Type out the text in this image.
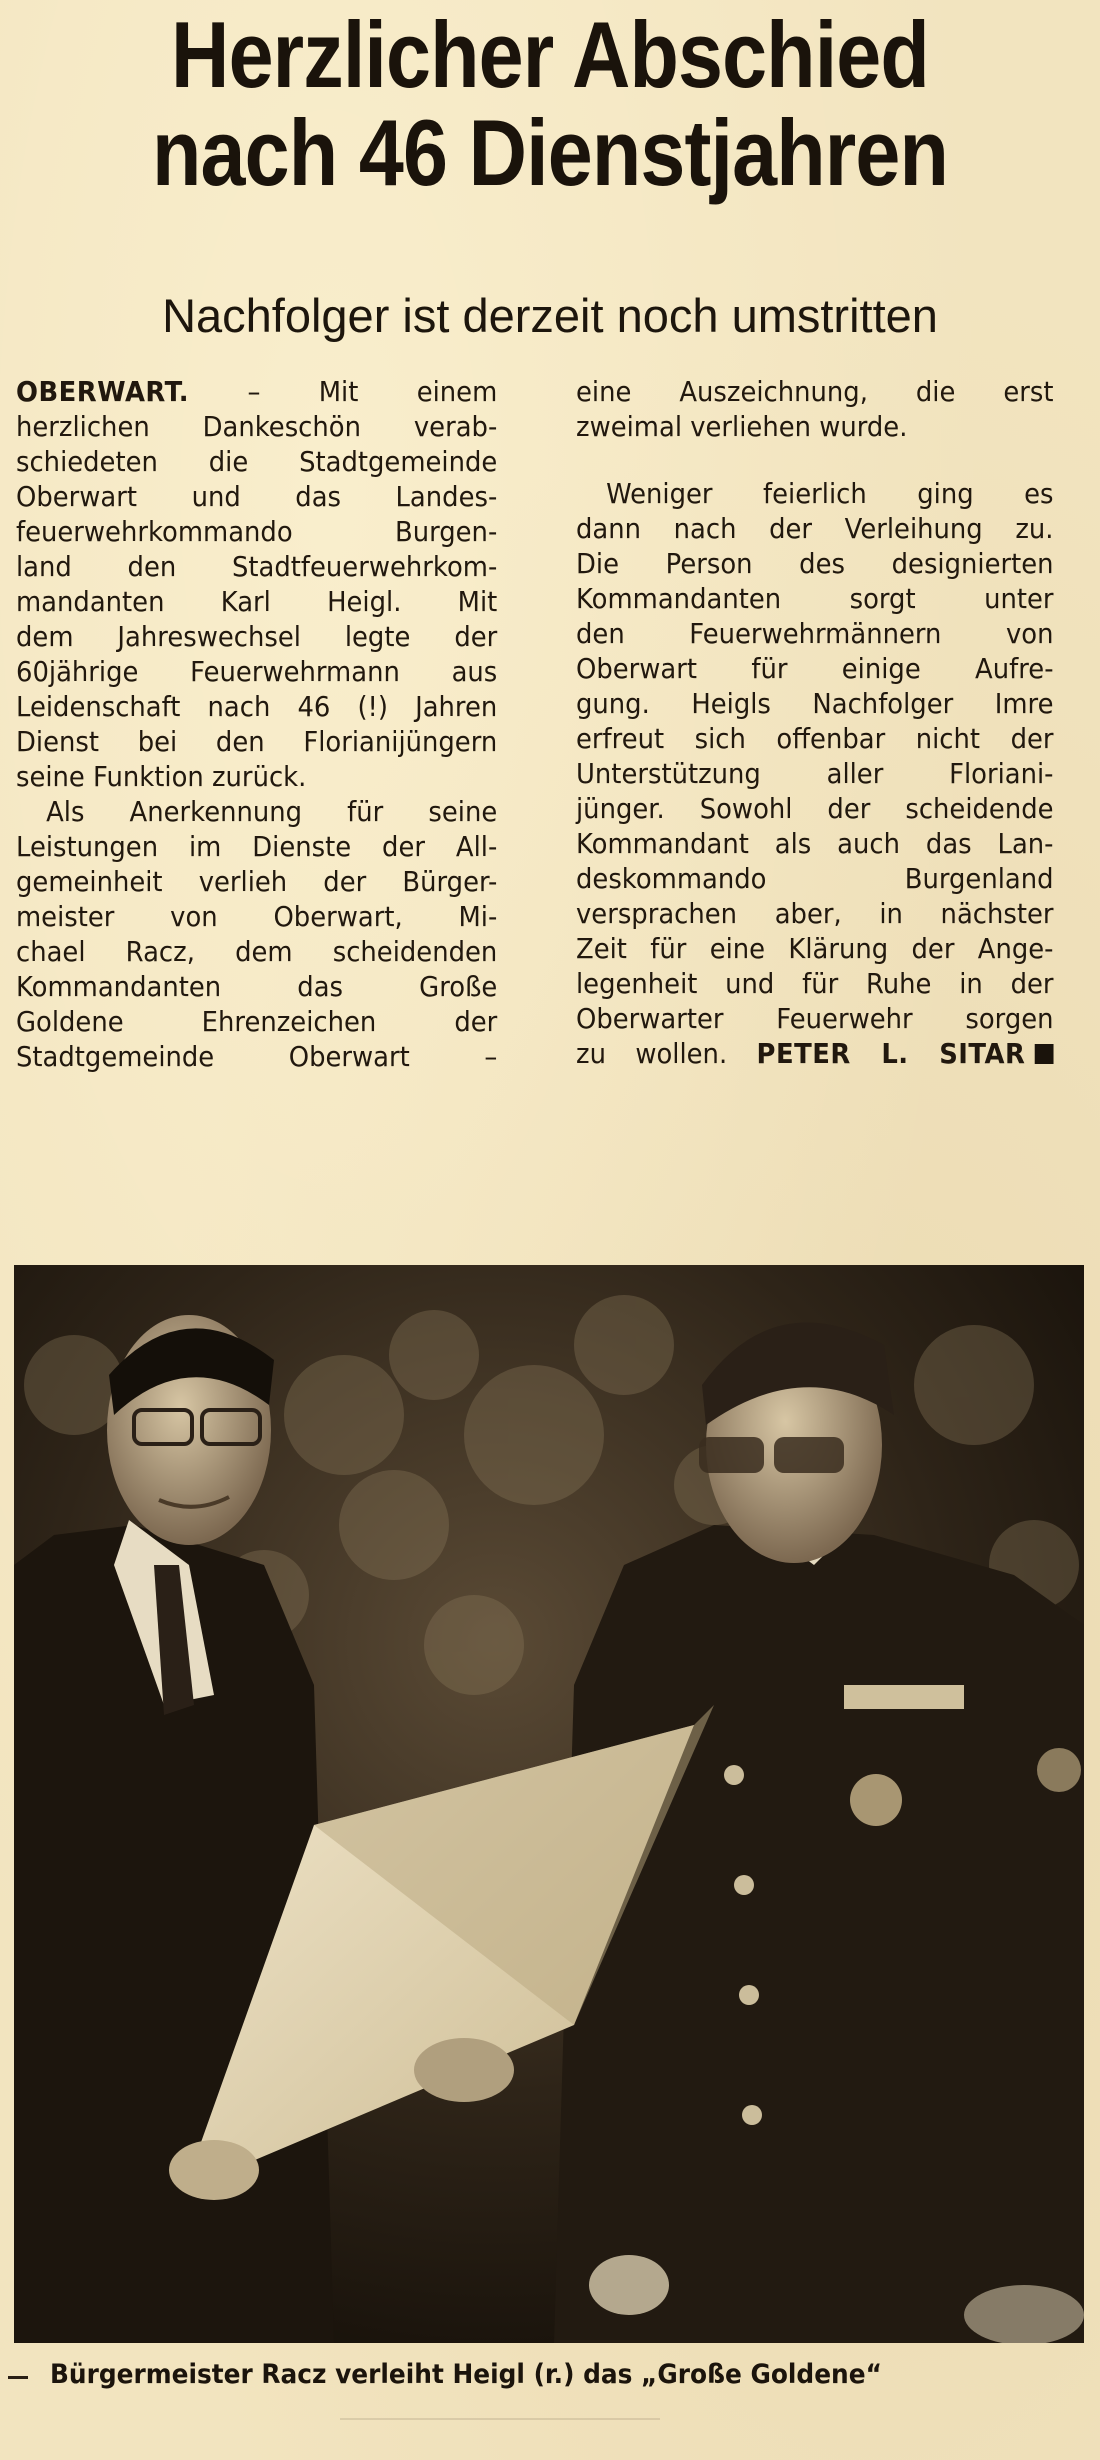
Herzlicher Abschied
nach 46 Dienstjahren
Nachfolger ist derzeit noch umstritten
OBERWART. – Mit einem
herzlichen Dankeschön verab-
schiedeten die Stadtgemeinde
Oberwart und das Landes-
feuerwehrkommando Burgen-
land den Stadtfeuerwehrkom-
mandanten Karl Heigl. Mit
dem Jahreswechsel legte der
60jährige Feuerwehrmann aus
Leidenschaft nach 46 (!) Jahren
Dienst bei den Florianijüngern
seine Funktion zurück.
Als Anerkennung für seine
Leistungen im Dienste der All-
gemeinheit verlieh der Bürger-
meister von Oberwart, Mi-
chael Racz, dem scheidenden
Kommandanten das Große
Goldene Ehrenzeichen der
Stadtgemeinde Oberwart –
eine Auszeichnung, die erst
zweimal verliehen wurde.
Weniger feierlich ging es
dann nach der Verleihung zu.
Die Person des designierten
Kommandanten sorgt unter
den Feuerwehrmännern von
Oberwart für einige Aufre-
gung. Heigls Nachfolger Imre
erfreut sich offenbar nicht der
Unterstützung aller Floriani-
jünger. Sowohl der scheidende
Kommandant als auch das Lan-
deskommando Burgenland
versprachen aber, in nächster
Zeit für eine Klärung der Ange-
legenheit und für Ruhe in der
Oberwarter Feuerwehr sorgen
zu wollen. PETER L. SITAR
Bürgermeister Racz verleiht Heigl (r.) das „Große Goldene“
